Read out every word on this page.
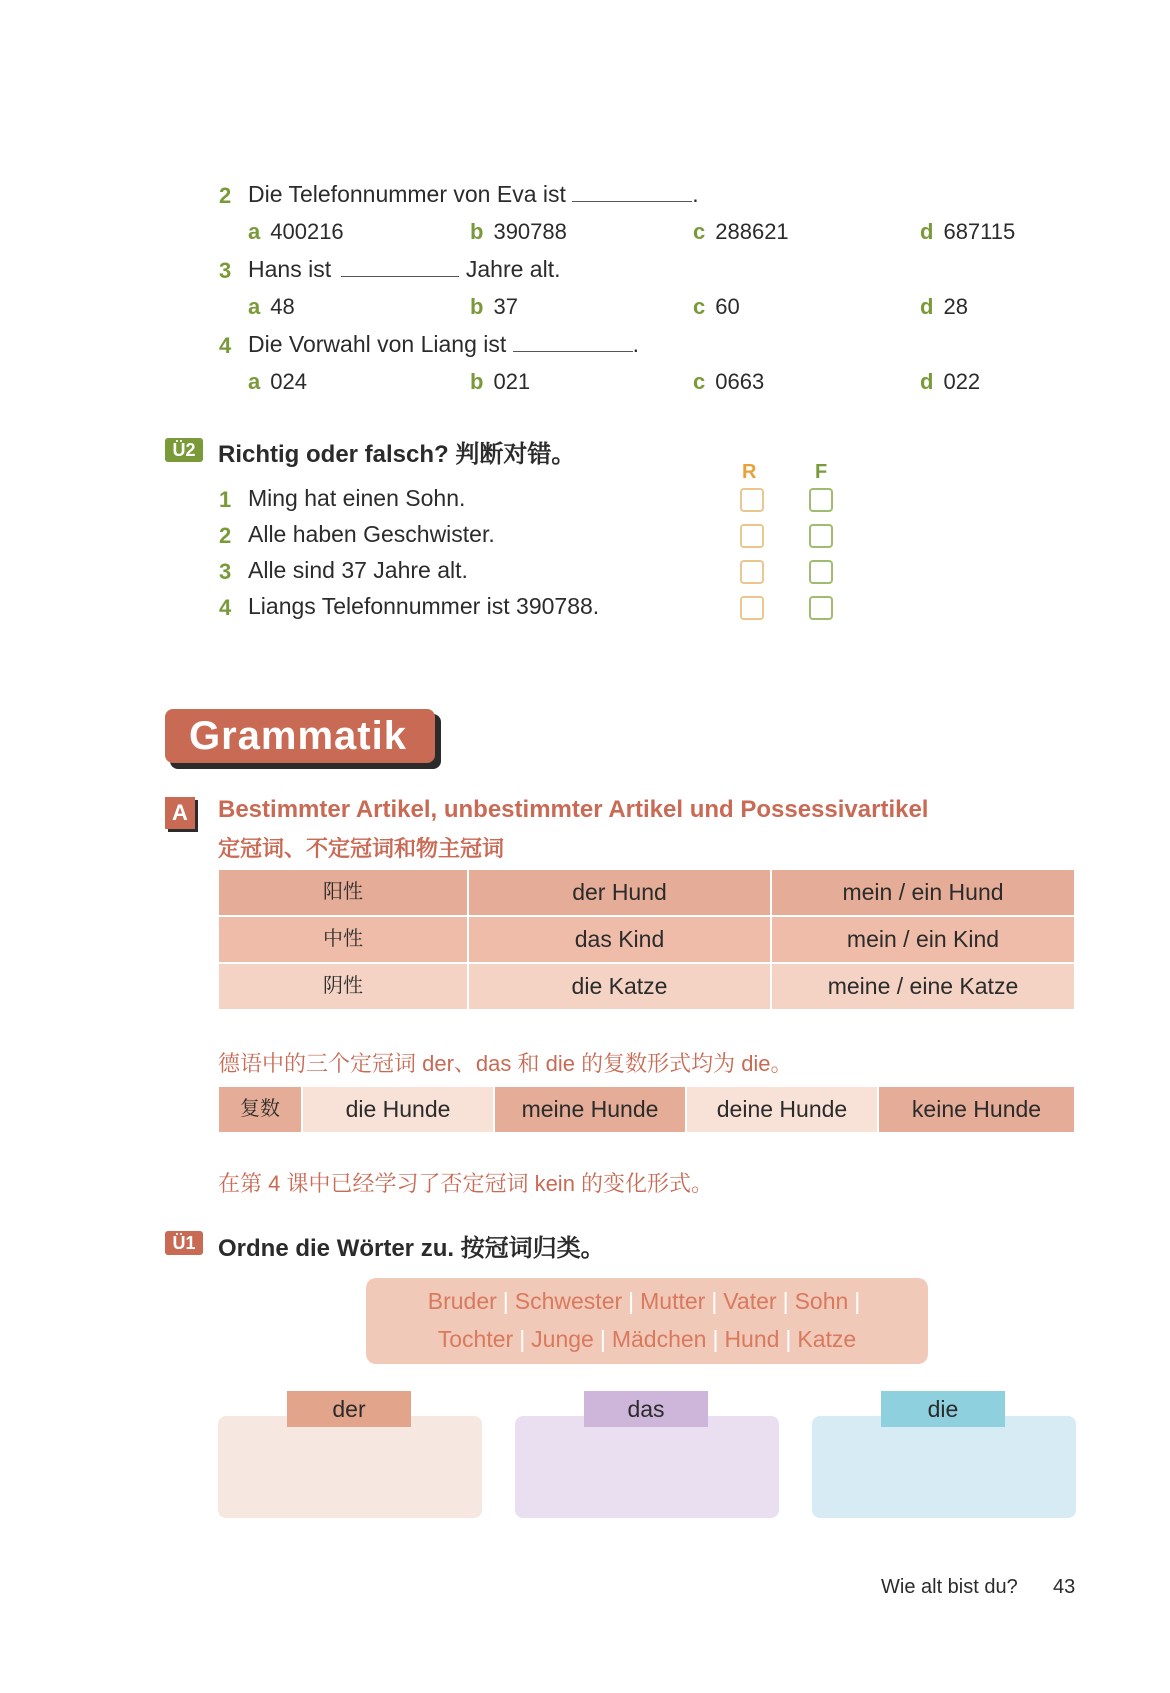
2 Die Telefonnummer von Eva ist	.
a 400216	b 390788	c 288621	d 687115
3 Hans ist	Jahre alt.
a 48	b 37	c 60	d 28
4 Die Vorwahl von Liang ist	.
a 024	b 021	c 0663	d 022
Ü2 Richtig oder falsch? 判断对错。
R	F
1 Ming hat einen Sohn.
2 Alle haben Geschwister.
3 Alle sind 37 Jahre alt.
4 Liangs Telefonnummer ist 390788.
Grammatik
A Bestimmter Artikel, unbestimmter Artikel und Possessivartikel
定冠词、不定冠词和物主冠词
阳性	der Hund	mein / ein Hund
中性	das Kind	mein / ein Kind
阴性	die Katze	meine / eine Katze
德语中的三个定冠词 der、das 和 die 的复数形式均为 die。
复数	die Hunde	meine Hunde	deine Hunde	keine Hunde
在第 4 课中已经学习了否定冠词 kein 的变化形式。
Ü1 Ordne die Wörter zu. 按冠词归类。
Bruder | Schwester | Mutter | Vater | Sohn |
Tochter | Junge | Mädchen | Hund | Katze
der	das	die
Wie alt bist du? 43
